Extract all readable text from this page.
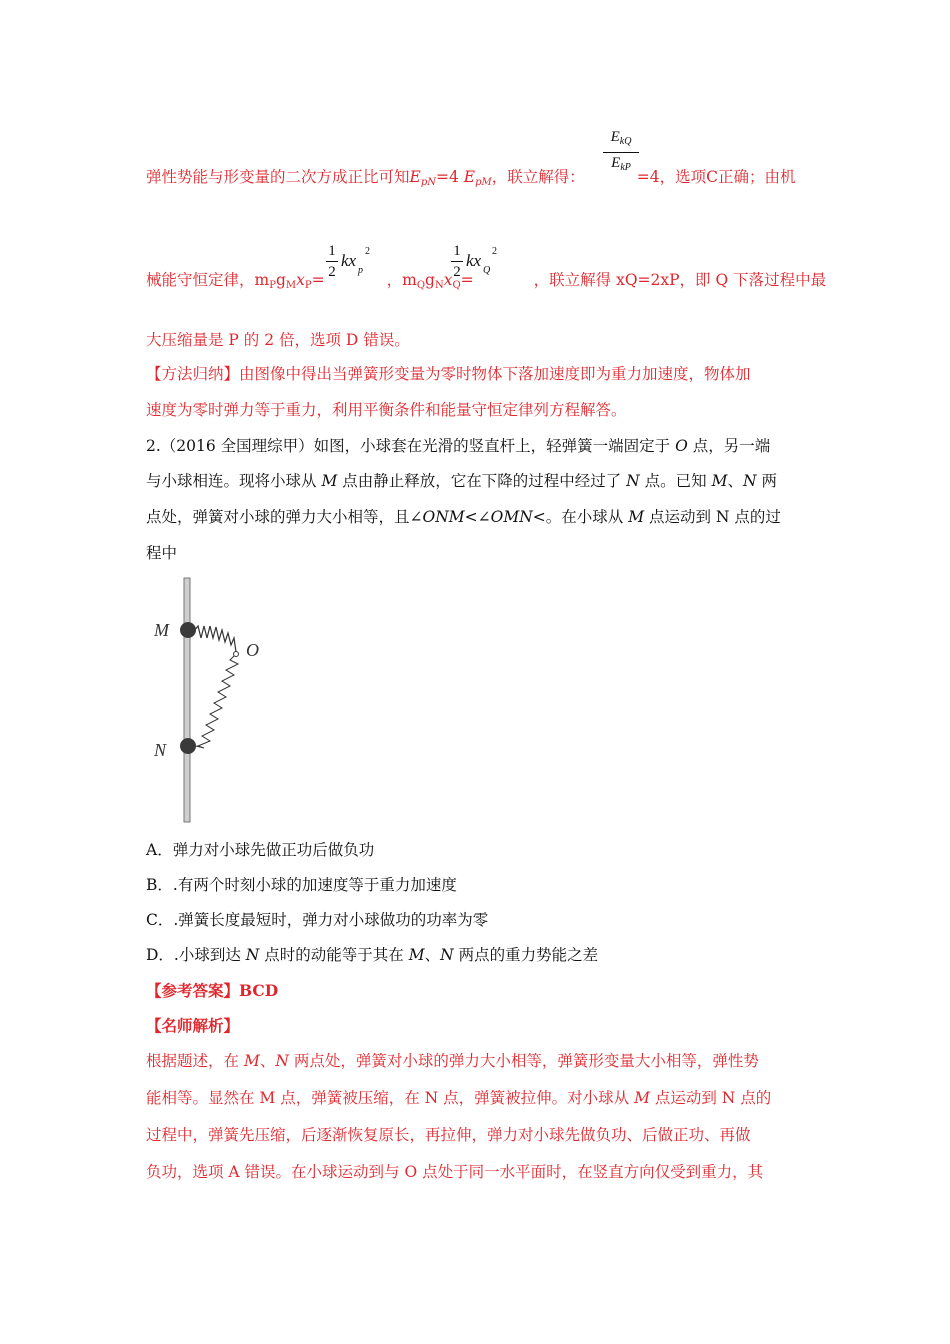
弹性势能与形变量的二次方成正比可知$E_{pN}=4$ $E_{pM}$，联立解得：	=4，选项C正确；由机
$E_{kQ}$
$E_{kP}$
械能守恒定律，$m_Pg_Mx_P=$	，$m_Qg_Nx_Q=$	，联立解得 xQ=2xP，即 Q 下落过程中最
1
2
kx
p
2	1
2
kx
Q
2
大压缩量是 P 的 2 倍，选项 D 错误。
【方法归纳】由图像中得出当弹簧形变量为零时物体下落加速度即为重力加速度，物体加
速度为零时弹力等于重力，利用平衡条件和能量守恒定律列方程解答。
2.（2016 全国理综甲）如图，小球套在光滑的竖直杆上，轻弹簧一端固定于 O 点，另一端
与小球相连。现将小球从 M 点由静止释放，它在下降的过程中经过了 N 点。已知 M、N 两
点处，弹簧对小球的弹力大小相等，且∠ONM<∠OMN<。在小球从 M 点运动到 N 点的过
程中
M
N
O
A．弹力对小球先做正功后做负功
B．.有两个时刻小球的加速度等于重力加速度
C．.弹簧长度最短时，弹力对小球做功的功率为零
D．.小球到达 N 点时的动能等于其在 M、N 两点的重力势能之差
【参考答案】BCD
【名师解析】
根据题述，在 M、N 两点处，弹簧对小球的弹力大小相等，弹簧形变量大小相等，弹性势
能相等。显然在 M 点，弹簧被压缩，在 N 点，弹簧被拉伸。对小球从 M 点运动到 N 点的
过程中，弹簧先压缩，后逐渐恢复原长，再拉伸，弹力对小球先做负功、后做正功、再做
负功，选项 A 错误。在小球运动到与 O 点处于同一水平面时，在竖直方向仅受到重力，其
